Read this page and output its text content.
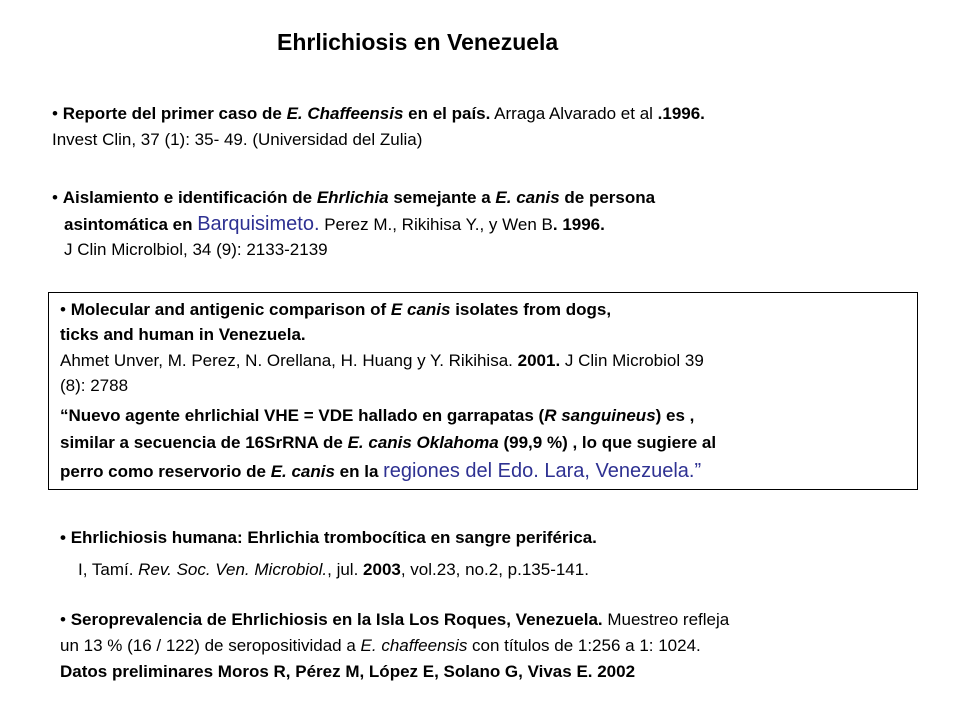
Ehrlichiosis en Venezuela
• Reporte del primer caso de E. Chaffeensis en el país. Arraga Alvarado et al .1996.
Invest Clin, 37 (1): 35- 49. (Universidad del Zulia)
• Aislamiento e identificación de Ehrlichia semejante a E. canis de persona
asintomática en Barquisimeto. Perez M., Rikihisa Y., y Wen B. 1996.
J Clin Microlbiol, 34 (9): 2133-2139
• Molecular and antigenic comparison of E canis isolates from dogs,
ticks and human in Venezuela.
Ahmet Unver, M. Perez, N. Orellana, H. Huang y Y. Rikihisa. 2001. J Clin Microbiol 39
(8): 2788
“Nuevo agente ehrlichial VHE = VDE hallado en garrapatas (R sanguineus) es ,
similar a secuencia de 16SrRNA de E. canis Oklahoma (99,9 %) , lo que sugiere al
perro como reservorio de E. canis en la regiones del Edo. Lara, Venezuela.”
• Ehrlichiosis humana: Ehrlichia trombocítica en sangre periférica.
I, Tamí. Rev. Soc. Ven. Microbiol., jul. 2003, vol.23, no.2, p.135-141.
• Seroprevalencia de Ehrlichiosis en la Isla Los Roques, Venezuela. Muestreo refleja
un 13 % (16 / 122) de seropositividad a E. chaffeensis con títulos de 1:256 a 1: 1024.
Datos preliminares Moros R, Pérez M, López E, Solano G, Vivas E. 2002
